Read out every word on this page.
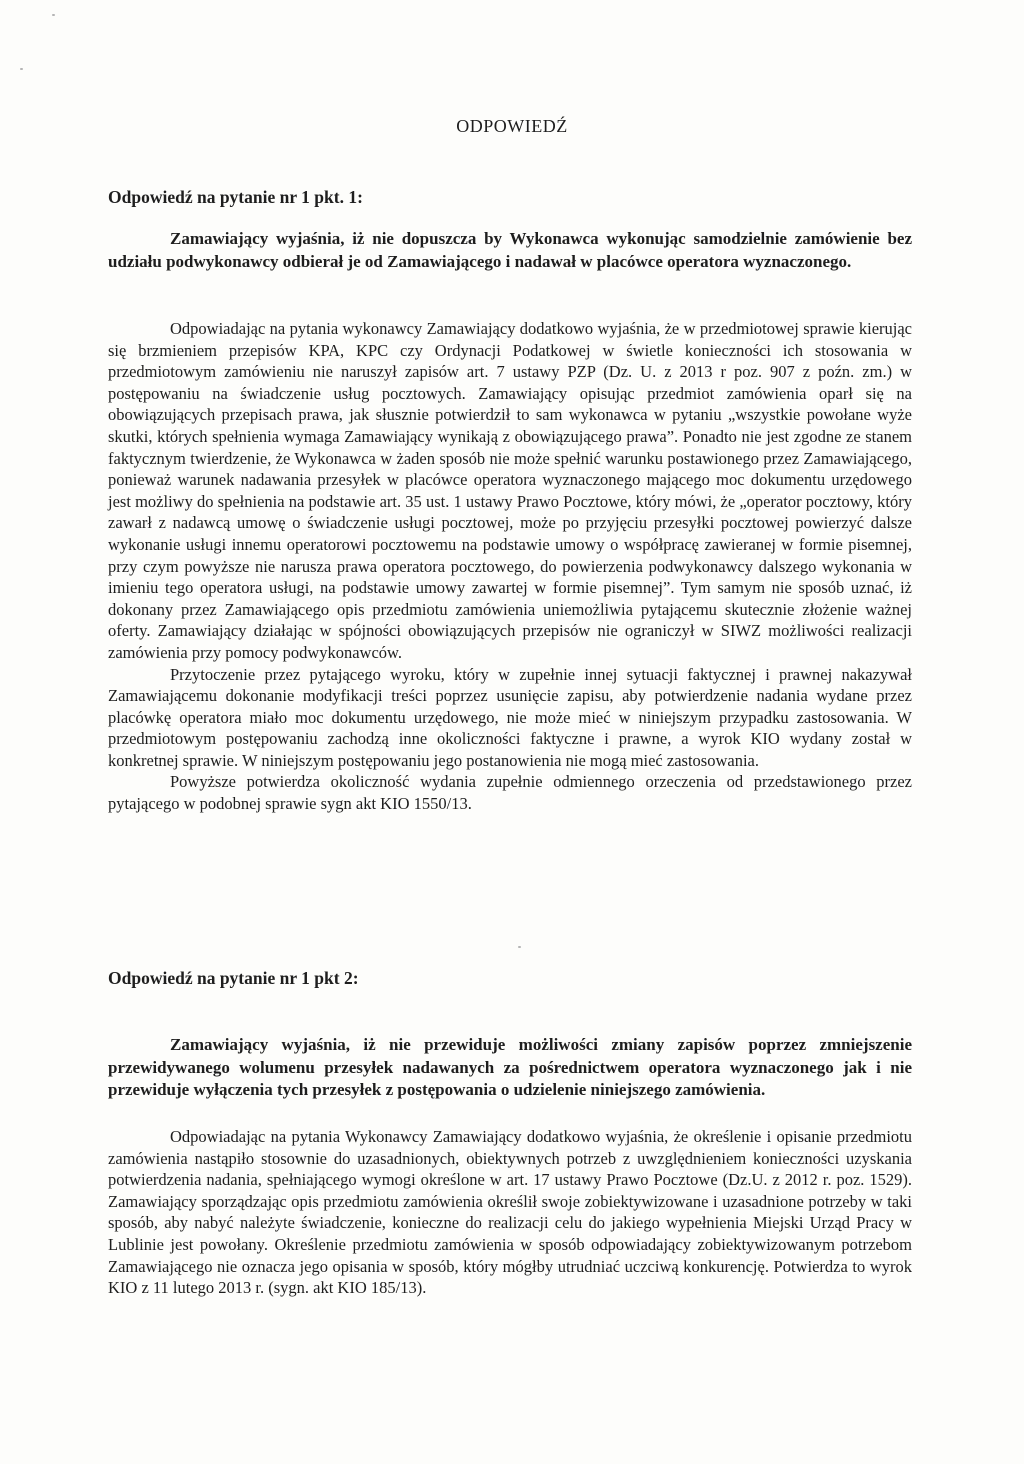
ODPOWIEDŹ
Odpowiedź na pytanie nr 1 pkt. 1:

Zamawiający wyjaśnia, iż nie dopuszcza by Wykonawca wykonując samodzielnie zamówienie bez udziału podwykonawcy odbierał je od Zamawiającego i nadawał w placówce operatora wyznaczonego.

Odpowiadając na pytania wykonawcy Zamawiający dodatkowo wyjaśnia, że w przedmiotowej sprawie kierując się brzmieniem przepisów KPA, KPC czy Ordynacji Podatkowej w świetle konieczności ich stosowania w przedmiotowym zamówieniu nie naruszył zapisów art. 7 ustawy PZP (Dz. U. z 2013 r poz. 907 z poźn. zm.) w postępowaniu na świadczenie usług pocztowych. Zamawiający opisując przedmiot zamówienia oparł się na obowiązujących przepisach prawa, jak słusznie potwierdził to sam wykonawca w pytaniu „wszystkie powołane wyże skutki, których spełnienia wymaga Zamawiający wynikają z obowiązującego prawa”. Ponadto nie jest zgodne ze stanem faktycznym twierdzenie, że Wykonawca w żaden sposób nie może spełnić warunku postawionego przez Zamawiającego, ponieważ warunek nadawania przesyłek w placówce operatora wyznaczonego mającego moc dokumentu urzędowego jest możliwy do spełnienia na podstawie art. 35 ust. 1 ustawy Prawo Pocztowe, który mówi, że „operator pocztowy, który zawarł z nadawcą umowę o świadczenie usługi pocztowej, może po przyjęciu przesyłki pocztowej powierzyć dalsze wykonanie usługi innemu operatorowi pocztowemu na podstawie umowy o współpracę zawieranej w formie pisemnej, przy czym powyższe nie narusza prawa operatora pocztowego, do powierzenia podwykonawcy dalszego wykonania w imieniu tego operatora usługi, na podstawie umowy zawartej w formie pisemnej”. Tym samym nie sposób uznać, iż dokonany przez Zamawiającego opis przedmiotu zamówienia uniemożliwia pytającemu skutecznie złożenie ważnej oferty. Zamawiający działając w spójności obowiązujących przepisów nie ograniczył w SIWZ możliwości realizacji zamówienia przy pomocy podwykonawców.

Przytoczenie przez pytającego wyroku, który w zupełnie innej sytuacji faktycznej i prawnej nakazywał Zamawiającemu dokonanie modyfikacji treści poprzez usunięcie zapisu, aby potwierdzenie nadania wydane przez placówkę operatora miało moc dokumentu urzędowego, nie może mieć w niniejszym przypadku zastosowania. W przedmiotowym postępowaniu zachodzą inne okoliczności faktyczne i prawne, a wyrok KIO wydany został w konkretnej sprawie. W niniejszym postępowaniu jego postanowienia nie mogą mieć zastosowania.

Powyższe potwierdza okoliczność wydania zupełnie odmiennego orzeczenia od przedstawionego przez pytającego w podobnej sprawie sygn akt KIO 1550/13.

Odpowiedź na pytanie nr 1 pkt 2:

Zamawiający wyjaśnia, iż nie przewiduje możliwości zmiany zapisów poprzez zmniejszenie przewidywanego wolumenu przesyłek nadawanych za pośrednictwem operatora wyznaczonego jak i nie przewiduje wyłączenia tych przesyłek z postępowania o udzielenie niniejszego zamówienia.

Odpowiadając na pytania Wykonawcy Zamawiający dodatkowo wyjaśnia, że określenie i opisanie przedmiotu zamówienia nastąpiło stosownie do uzasadnionych, obiektywnych potrzeb z uwzględnieniem konieczności uzyskania potwierdzenia nadania, spełniającego wymogi określone w art. 17 ustawy Prawo Pocztowe (Dz.U. z 2012 r. poz. 1529). Zamawiający sporządzając opis przedmiotu zamówienia określił swoje zobiektywizowane i uzasadnione potrzeby w taki sposób, aby nabyć należyte świadczenie, konieczne do realizacji celu do jakiego wypełnienia Miejski Urząd Pracy w Lublinie jest powołany. Określenie przedmiotu zamówienia w sposób odpowiadający zobiektywizowanym potrzebom Zamawiającego nie oznacza jego opisania w sposób, który mógłby utrudniać uczciwą konkurencję. Potwierdza to wyrok KIO z 11 lutego 2013 r. (sygn. akt KIO 185/13).
